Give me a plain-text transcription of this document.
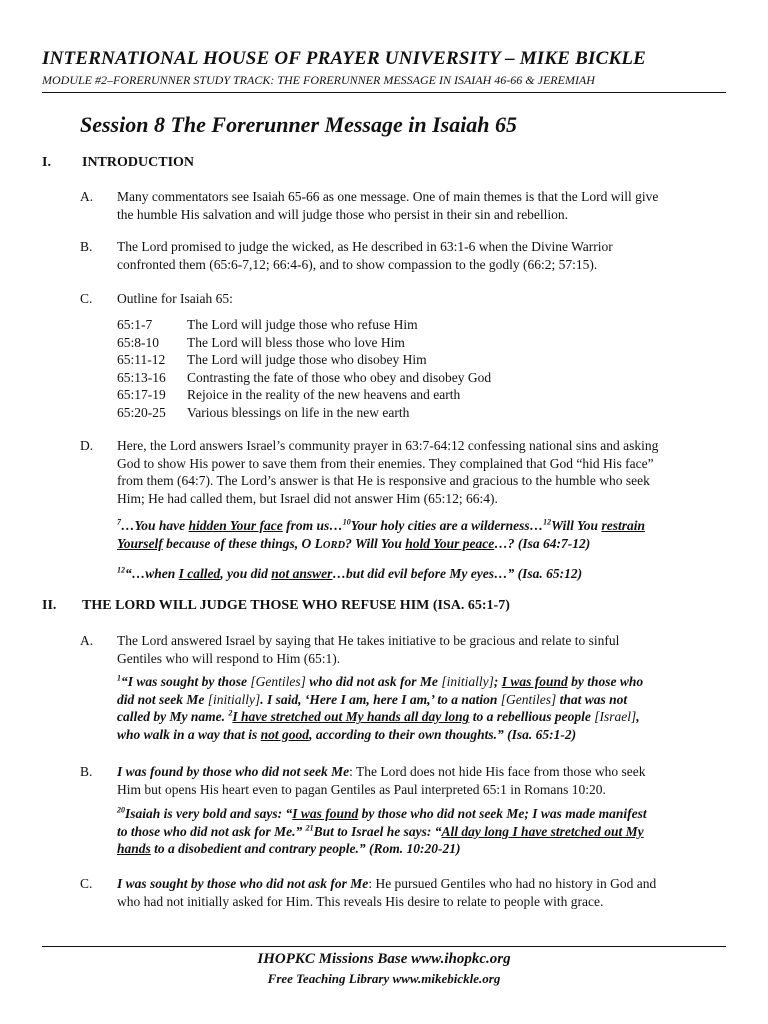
INTERNATIONAL HOUSE OF PRAYER UNIVERSITY – MIKE BICKLE
MODULE #2–FORERUNNER STUDY TRACK: THE FORERUNNER MESSAGE IN ISAIAH 46-66 & JEREMIAH
Session 8 The Forerunner Message in Isaiah 65
I. INTRODUCTION
A. Many commentators see Isaiah 65-66 as one message. One of main themes is that the Lord will give
the humble His salvation and will judge those who persist in their sin and rebellion.
B. The Lord promised to judge the wicked, as He described in 63:1-6 when the Divine Warrior
confronted them (65:6-7,12; 66:4-6), and to show compassion to the godly (66:2; 57:15).
C. Outline for Isaiah 65:
65:1-7	The Lord will judge those who refuse Him
65:8-10	The Lord will bless those who love Him
65:11-12	The Lord will judge those who disobey Him
65:13-16	Contrasting the fate of those who obey and disobey God
65:17-19	Rejoice in the reality of the new heavens and earth
65:20-25	Various blessings on life in the new earth
D. Here, the Lord answers Israel’s community prayer in 63:7-64:12 confessing national sins and asking
God to show His power to save them from their enemies. They complained that God “hid His face”
from them (64:7). The Lord’s answer is that He is responsive and gracious to the humble who seek
Him; He had called them, but Israel did not answer Him (65:12; 66:4).
$^7$…You have hidden Your face from us…$^{10}$Your holy cities are a wilderness…$^{12}$Will You restrain
Yourself because of these things, O LORD? Will You hold Your peace…? (Isa 64:7-12)
$^{12}$“…when I called, you did not answer…but did evil before My eyes…” (Isa. 65:12)
II. THE LORD WILL JUDGE THOSE WHO REFUSE HIM (ISA. 65:1-7)
A. The Lord answered Israel by saying that He takes initiative to be gracious and relate to sinful
Gentiles who will respond to Him (65:1).
$^1$“I was sought by those [Gentiles] who did not ask for Me [initially]; I was found by those who
did not seek Me [initially]. I said, ‘Here I am, here I am,’ to a nation [Gentiles] that was not
called by My name. $^2$I have stretched out My hands all day long to a rebellious people [Israel],
who walk in a way that is not good, according to their own thoughts.” (Isa. 65:1-2)
B. I was found by those who did not seek Me: The Lord does not hide His face from those who seek
Him but opens His heart even to pagan Gentiles as Paul interpreted 65:1 in Romans 10:20.
$^{20}$Isaiah is very bold and says: “I was found by those who did not seek Me; I was made manifest
to those who did not ask for Me.” $^{21}$But to Israel he says: “All day long I have stretched out My
hands to a disobedient and contrary people.” (Rom. 10:20-21)
C. I was sought by those who did not ask for Me: He pursued Gentiles who had no history in God and
who had not initially asked for Him. This reveals His desire to relate to people with grace.
IHOPKC Missions Base www.ihopkc.org
Free Teaching Library www.mikebickle.org
